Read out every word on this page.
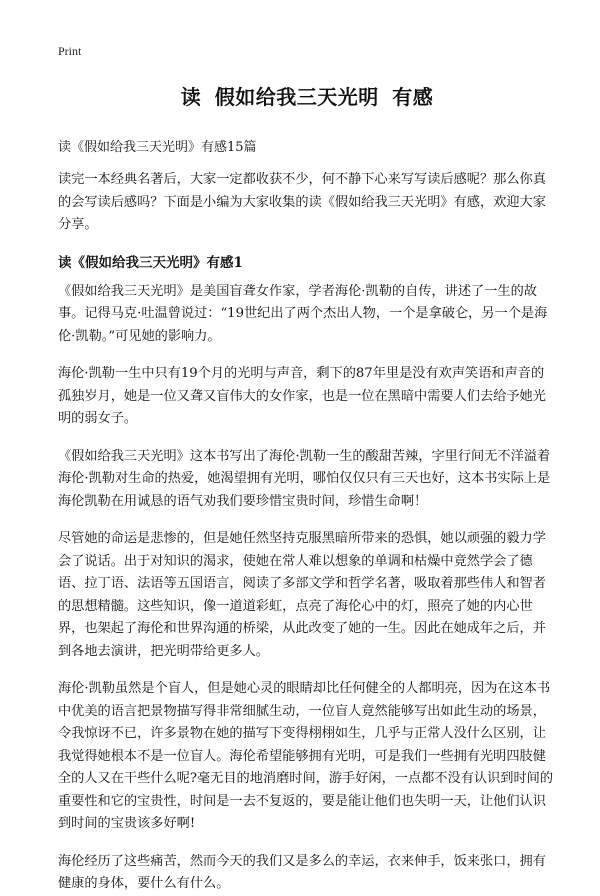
Print
读 假如给我三天光明 有感
读《假如给我三天光明》有感15篇

读完一本经典名著后，大家一定都收获不少，何不静下心来写写读后感呢？那么你真的会写读后感吗？下面是小编为大家收集的读《假如给我三天光明》有感，欢迎大家分享。

读《假如给我三天光明》有感1

《假如给我三天光明》是美国盲聋女作家，学者海伦·凯勒的自传，讲述了一生的故事。记得马克·吐温曾说过：“19世纪出了两个杰出人物，一个是拿破仑，另一个是海伦·凯勒。”可见她的影响力。

海伦·凯勒一生中只有19个月的光明与声音，剩下的87年里是没有欢声笑语和声音的孤独岁月，她是一位又聋又盲伟大的女作家，也是一位在黑暗中需要人们去给予她光明的弱女子。

《假如给我三天光明》这本书写出了海伦·凯勒一生的酸甜苦辣，字里行间无不洋溢着海伦·凯勒对生命的热爱，她渴望拥有光明，哪怕仅仅只有三天也好，这本书实际上是海伦凯勒在用诚恳的语气劝我们要珍惜宝贵时间，珍惜生命啊！

尽管她的命运是悲惨的，但是她任然坚持克服黑暗所带来的恐惧，她以顽强的毅力学会了说话。出于对知识的渴求，使她在常人难以想象的单调和枯燥中竟然学会了德语、拉丁语、法语等五国语言，阅读了多部文学和哲学名著，吸取着那些伟人和智者的思想精髓。这些知识，像一道道彩虹，点亮了海伦心中的灯，照亮了她的内心世界，也架起了海伦和世界沟通的桥梁，从此改变了她的一生。因此在她成年之后，并到各地去演讲，把光明带给更多人。

海伦·凯勒虽然是个盲人，但是她心灵的眼睛却比任何健全的人都明亮，因为在这本书中优美的语言把景物描写得非常细腻生动，一位盲人竟然能够写出如此生动的场景，令我惊讶不已，许多景物在她的描写下变得栩栩如生，几乎与正常人没什么区别，让我觉得她根本不是一位盲人。海伦希望能够拥有光明，可是我们一些拥有光明四肢健全的人又在干些什么呢?毫无目的地消磨时间，游手好闲，一点都不没有认识到时间的重要性和它的宝贵性，时间是一去不复返的，要是能让他们也失明一天，让他们认识到时间的宝贵该多好啊!

海伦经历了这些痛苦，然而今天的我们又是多么的幸运，衣来伸手，饭来张口，拥有健康的身体，要什么有什么。
